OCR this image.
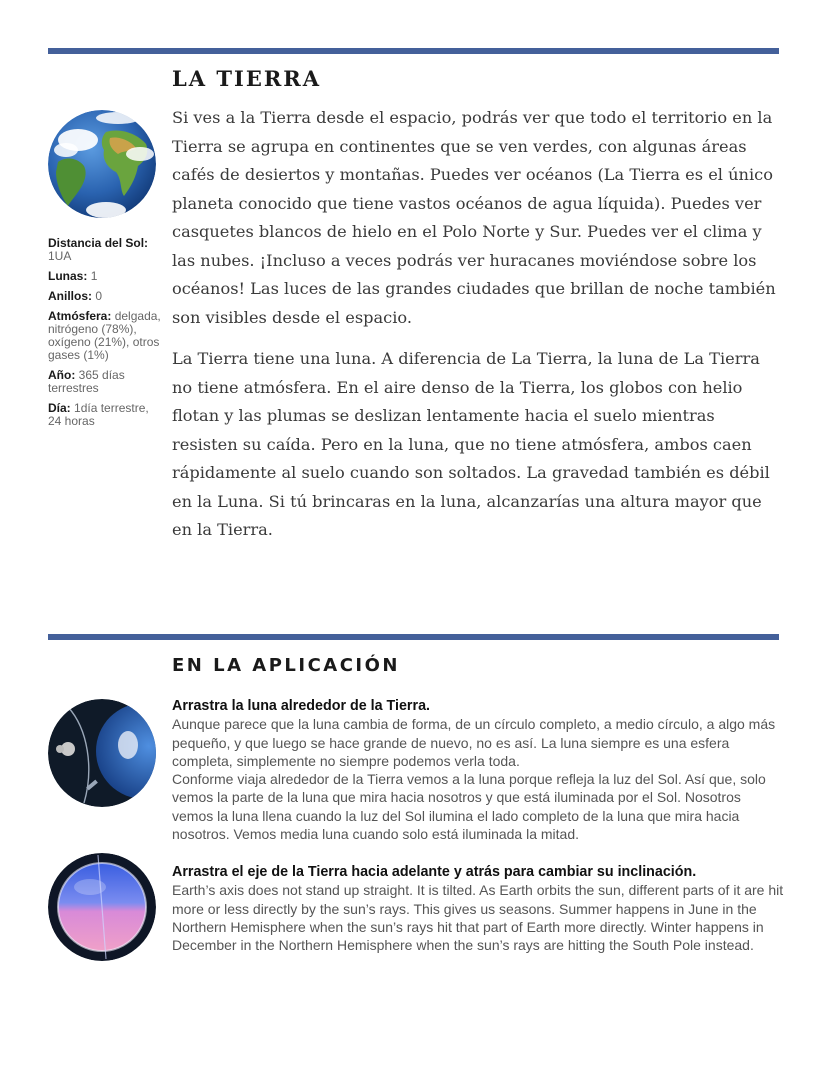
LA TIERRA
Distancia del Sol: 1UA
Lunas: 1
Anillos: 0
Atmósfera: delgada, nitrógeno (78%), oxígeno (21%), otros gases (1%)
Año: 365 días terrestres
Día: 1día terrestre, 24 horas

Si ves a la Tierra desde el espacio, podrás ver que todo el territorio en la Tierra se agrupa en continentes que se ven verdes, con algunas áreas cafés de desiertos y montañas. Puedes ver océanos (La Tierra es el único planeta conocido que tiene vastos océanos de agua líquida). Puedes ver casquetes blancos de hielo en el Polo Norte y Sur. Puedes ver el clima y las nubes. ¡Incluso a veces podrás ver huracanes moviéndose sobre los océanos! Las luces de las grandes ciudades que brillan de noche también son visibles desde el espacio.

La Tierra tiene una luna. A diferencia de La Tierra, la luna de La Tierra no tiene atmósfera. En el aire denso de la Tierra, los globos con helio flotan y las plumas se deslizan lentamente hacia el suelo mientras resisten su caída. Pero en la luna, que no tiene atmósfera, ambos caen rápidamente al suelo cuando son soltados. La gravedad también es débil en la Luna. Si tú brincaras en la luna, alcanzarías una altura mayor que en la Tierra.

EN LA APLICACIÓN

Arrastra la luna alrededor de la Tierra.

Aunque parece que la luna cambia de forma, de un círculo completo, a medio círculo, a algo más pequeño, y que luego se hace grande de nuevo, no es así. La luna siempre es una esfera completa, simplemente no siempre podemos verla toda.

Conforme viaja alrededor de la Tierra vemos a la luna porque refleja la luz del Sol. Así que, solo vemos la parte de la luna que mira hacia nosotros y que está iluminada por el Sol. Nosotros vemos la luna llena cuando la luz del Sol ilumina el lado completo de la luna que mira hacia nosotros. Vemos media luna cuando solo está iluminada la mitad.

Arrastra el eje de la Tierra hacia adelante y atrás para cambiar su inclinación.

Earth’s axis does not stand up straight. It is tilted. As Earth orbits the sun, different parts of it are hit more or less directly by the sun’s rays. This gives us seasons. Summer happens in June in the Northern Hemisphere when the sun’s rays hit that part of Earth more directly. Winter happens in December in the Northern Hemisphere when the sun’s rays are hitting the South Pole instead.
